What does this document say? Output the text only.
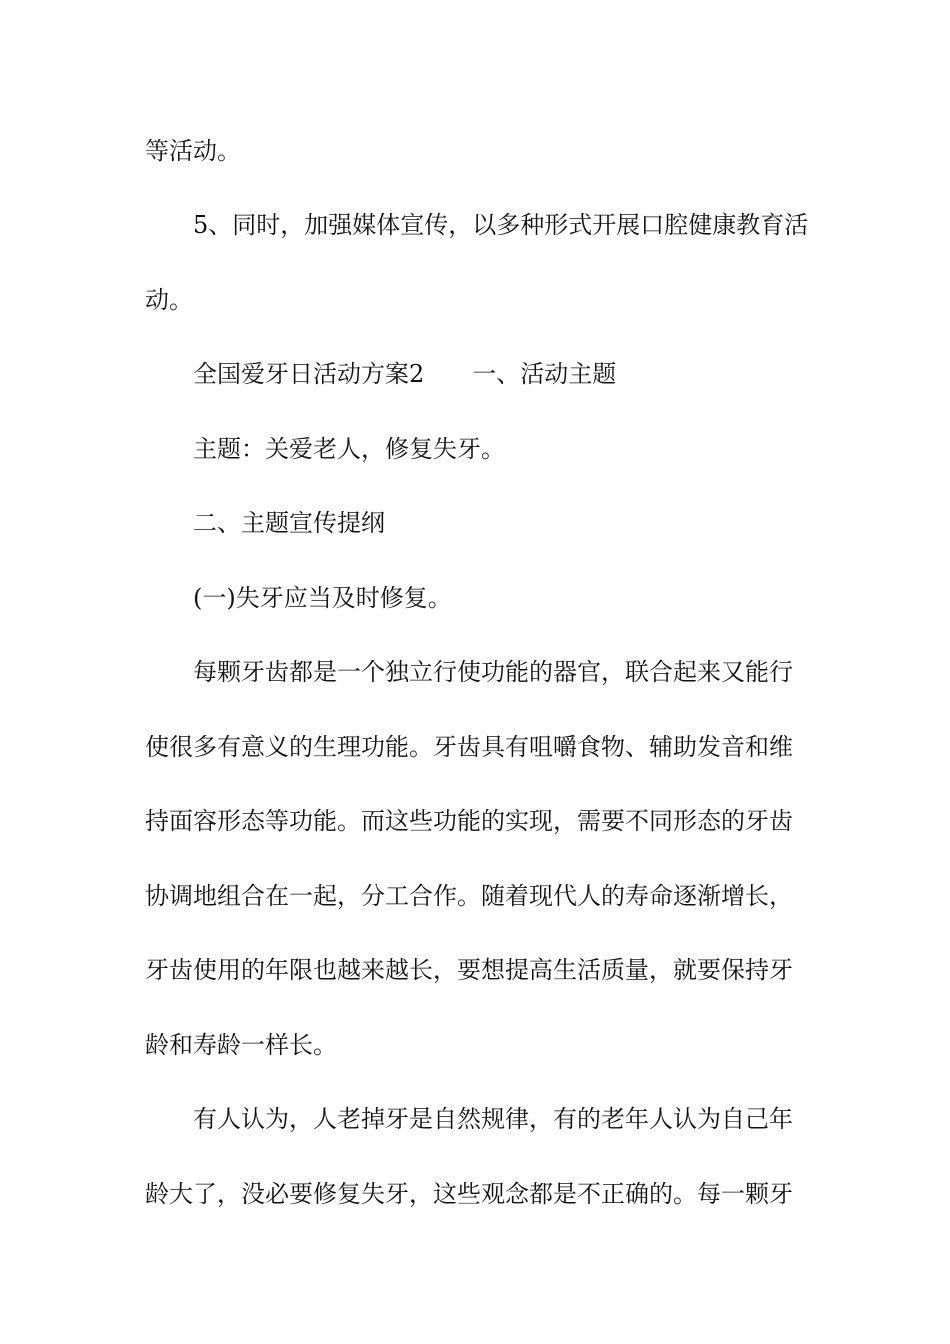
等活动。
5、同时，加强媒体宣传，以多种形式开展口腔健康教育活
动。
全国爱牙日活动方案2 一、活动主题
主题：关爱老人，修复失牙。
二、主题宣传提纲
(一)失牙应当及时修复。
每颗牙齿都是一个独立行使功能的器官，联合起来又能行
使很多有意义的生理功能。牙齿具有咀嚼食物、辅助发音和维
持面容形态等功能。而这些功能的实现，需要不同形态的牙齿
协调地组合在一起，分工合作。随着现代人的寿命逐渐增长，
牙齿使用的年限也越来越长，要想提高生活质量，就要保持牙
龄和寿龄一样长。
有人认为，人老掉牙是自然规律，有的老年人认为自己年
龄大了，没必要修复失牙，这些观念都是不正确的。每一颗牙
